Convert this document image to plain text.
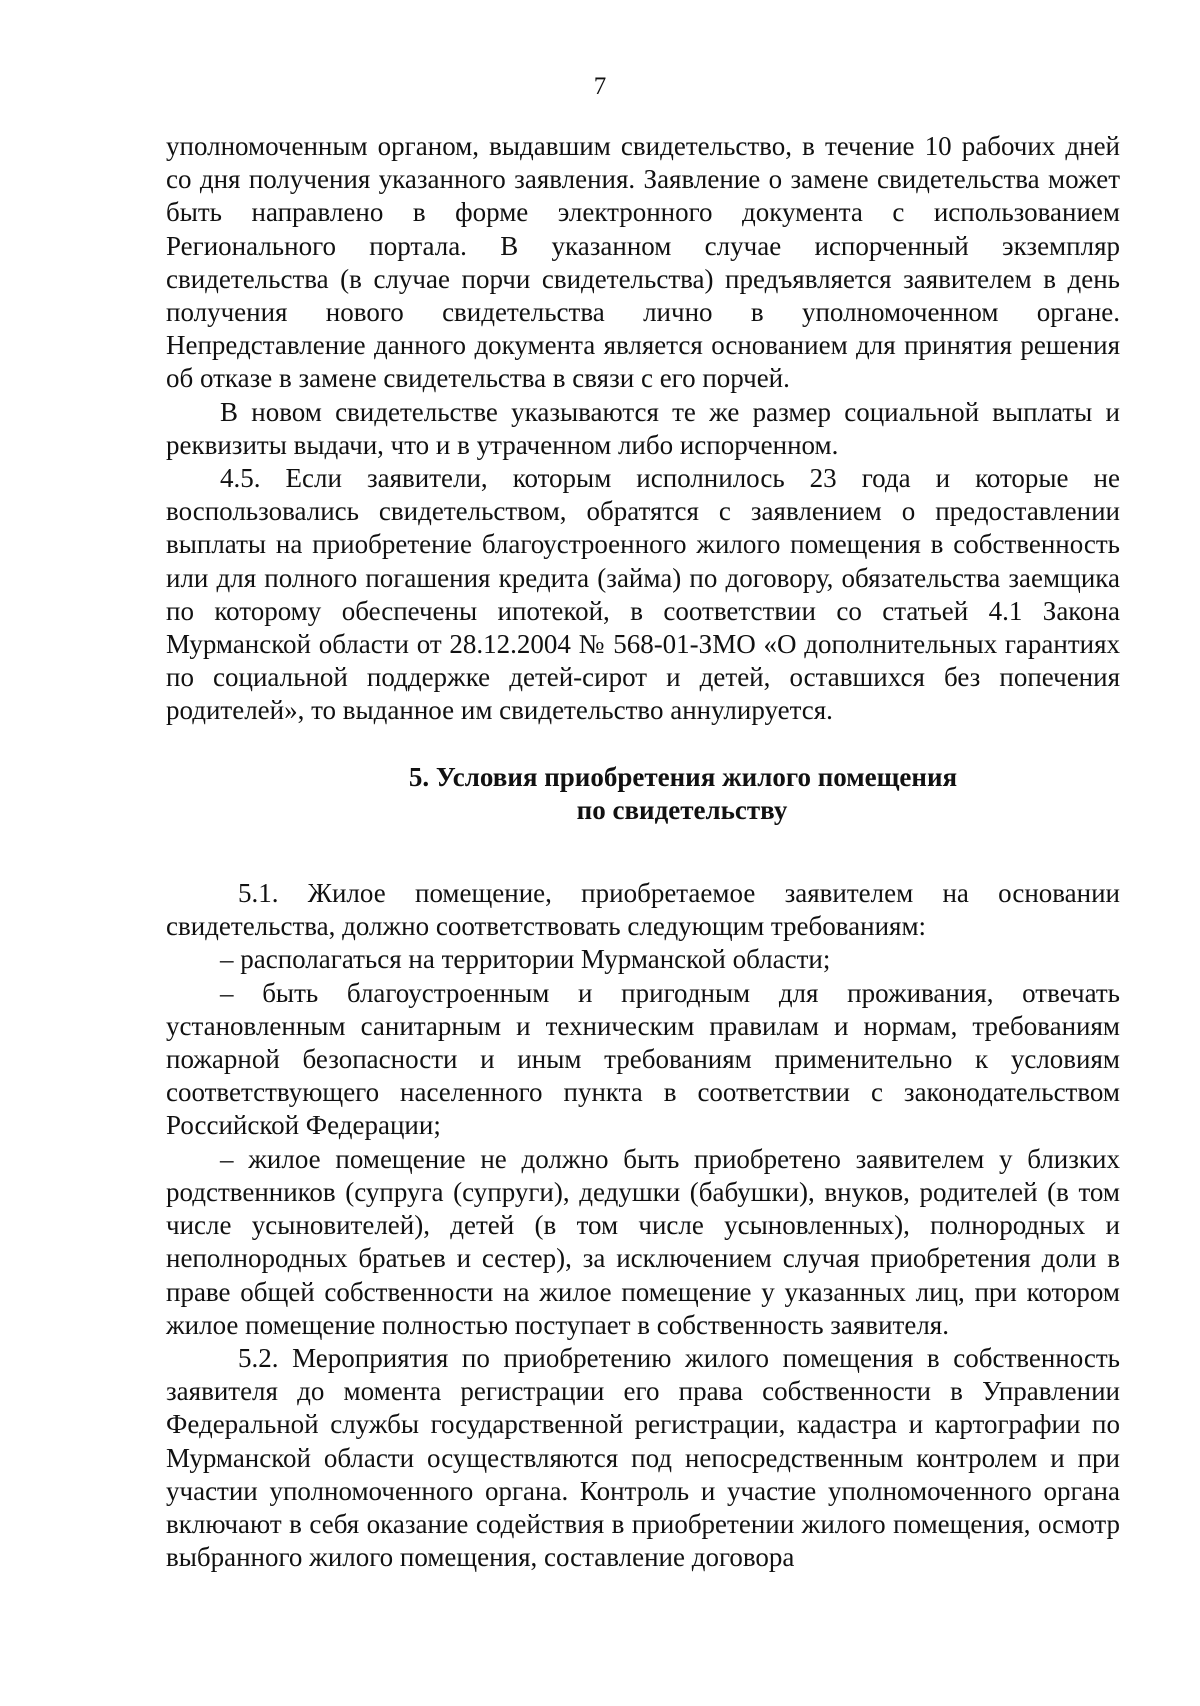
7

уполномоченным органом, выдавшим свидетельство, в течение 10 рабочих дней со дня получения указанного заявления. Заявление о замене свидетельства может быть направлено в форме электронного документа с использованием Регионального портала. В указанном случае испорченный экземпляр свидетельства (в случае порчи свидетельства) предъявляется заявителем в день получения нового свидетельства лично в уполномоченном органе. Непредставление данного документа является основанием для принятия решения об отказе в замене свидетельства в связи с его порчей.

В новом свидетельстве указываются те же размер социальной выплаты и реквизиты выдачи, что и в утраченном либо испорченном.

4.5. Если заявители, которым исполнилось 23 года и которые не воспользовались свидетельством, обратятся с заявлением о предоставлении выплаты на приобретение благоустроенного жилого помещения в собственность или для полного погашения кредита (займа) по договору, обязательства заемщика по которому обеспечены ипотекой, в соответствии со статьей 4.1 Закона Мурманской области от 28.12.2004 № 568-01-ЗМО «О дополнительных гарантиях по социальной поддержке детей-сирот и детей, оставшихся без попечения родителей», то выданное им свидетельство аннулируется.

5. Условия приобретения жилого помещения
по свидетельству

5.1. Жилое помещение, приобретаемое заявителем на основании свидетельства, должно соответствовать следующим требованиям:

– располагаться на территории Мурманской области;

– быть благоустроенным и пригодным для проживания, отвечать установленным санитарным и техническим правилам и нормам, требованиям пожарной безопасности и иным требованиям применительно к условиям соответствующего населенного пункта в соответствии с законодательством Российской Федерации;

– жилое помещение не должно быть приобретено заявителем у близких родственников (супруга (супруги), дедушки (бабушки), внуков, родителей (в том числе усыновителей), детей (в том числе усыновленных), полнородных и неполнородных братьев и сестер), за исключением случая приобретения доли в праве общей собственности на жилое помещение у указанных лиц, при котором жилое помещение полностью поступает в собственность заявителя.

5.2. Мероприятия по приобретению жилого помещения в собственность заявителя до момента регистрации его права собственности в Управлении Федеральной службы государственной регистрации, кадастра и картографии по Мурманской области осуществляются под непосредственным контролем и при участии уполномоченного органа. Контроль и участие уполномоченного органа включают в себя оказание содействия в приобретении жилого помещения, осмотр выбранного жилого помещения, составление договора
